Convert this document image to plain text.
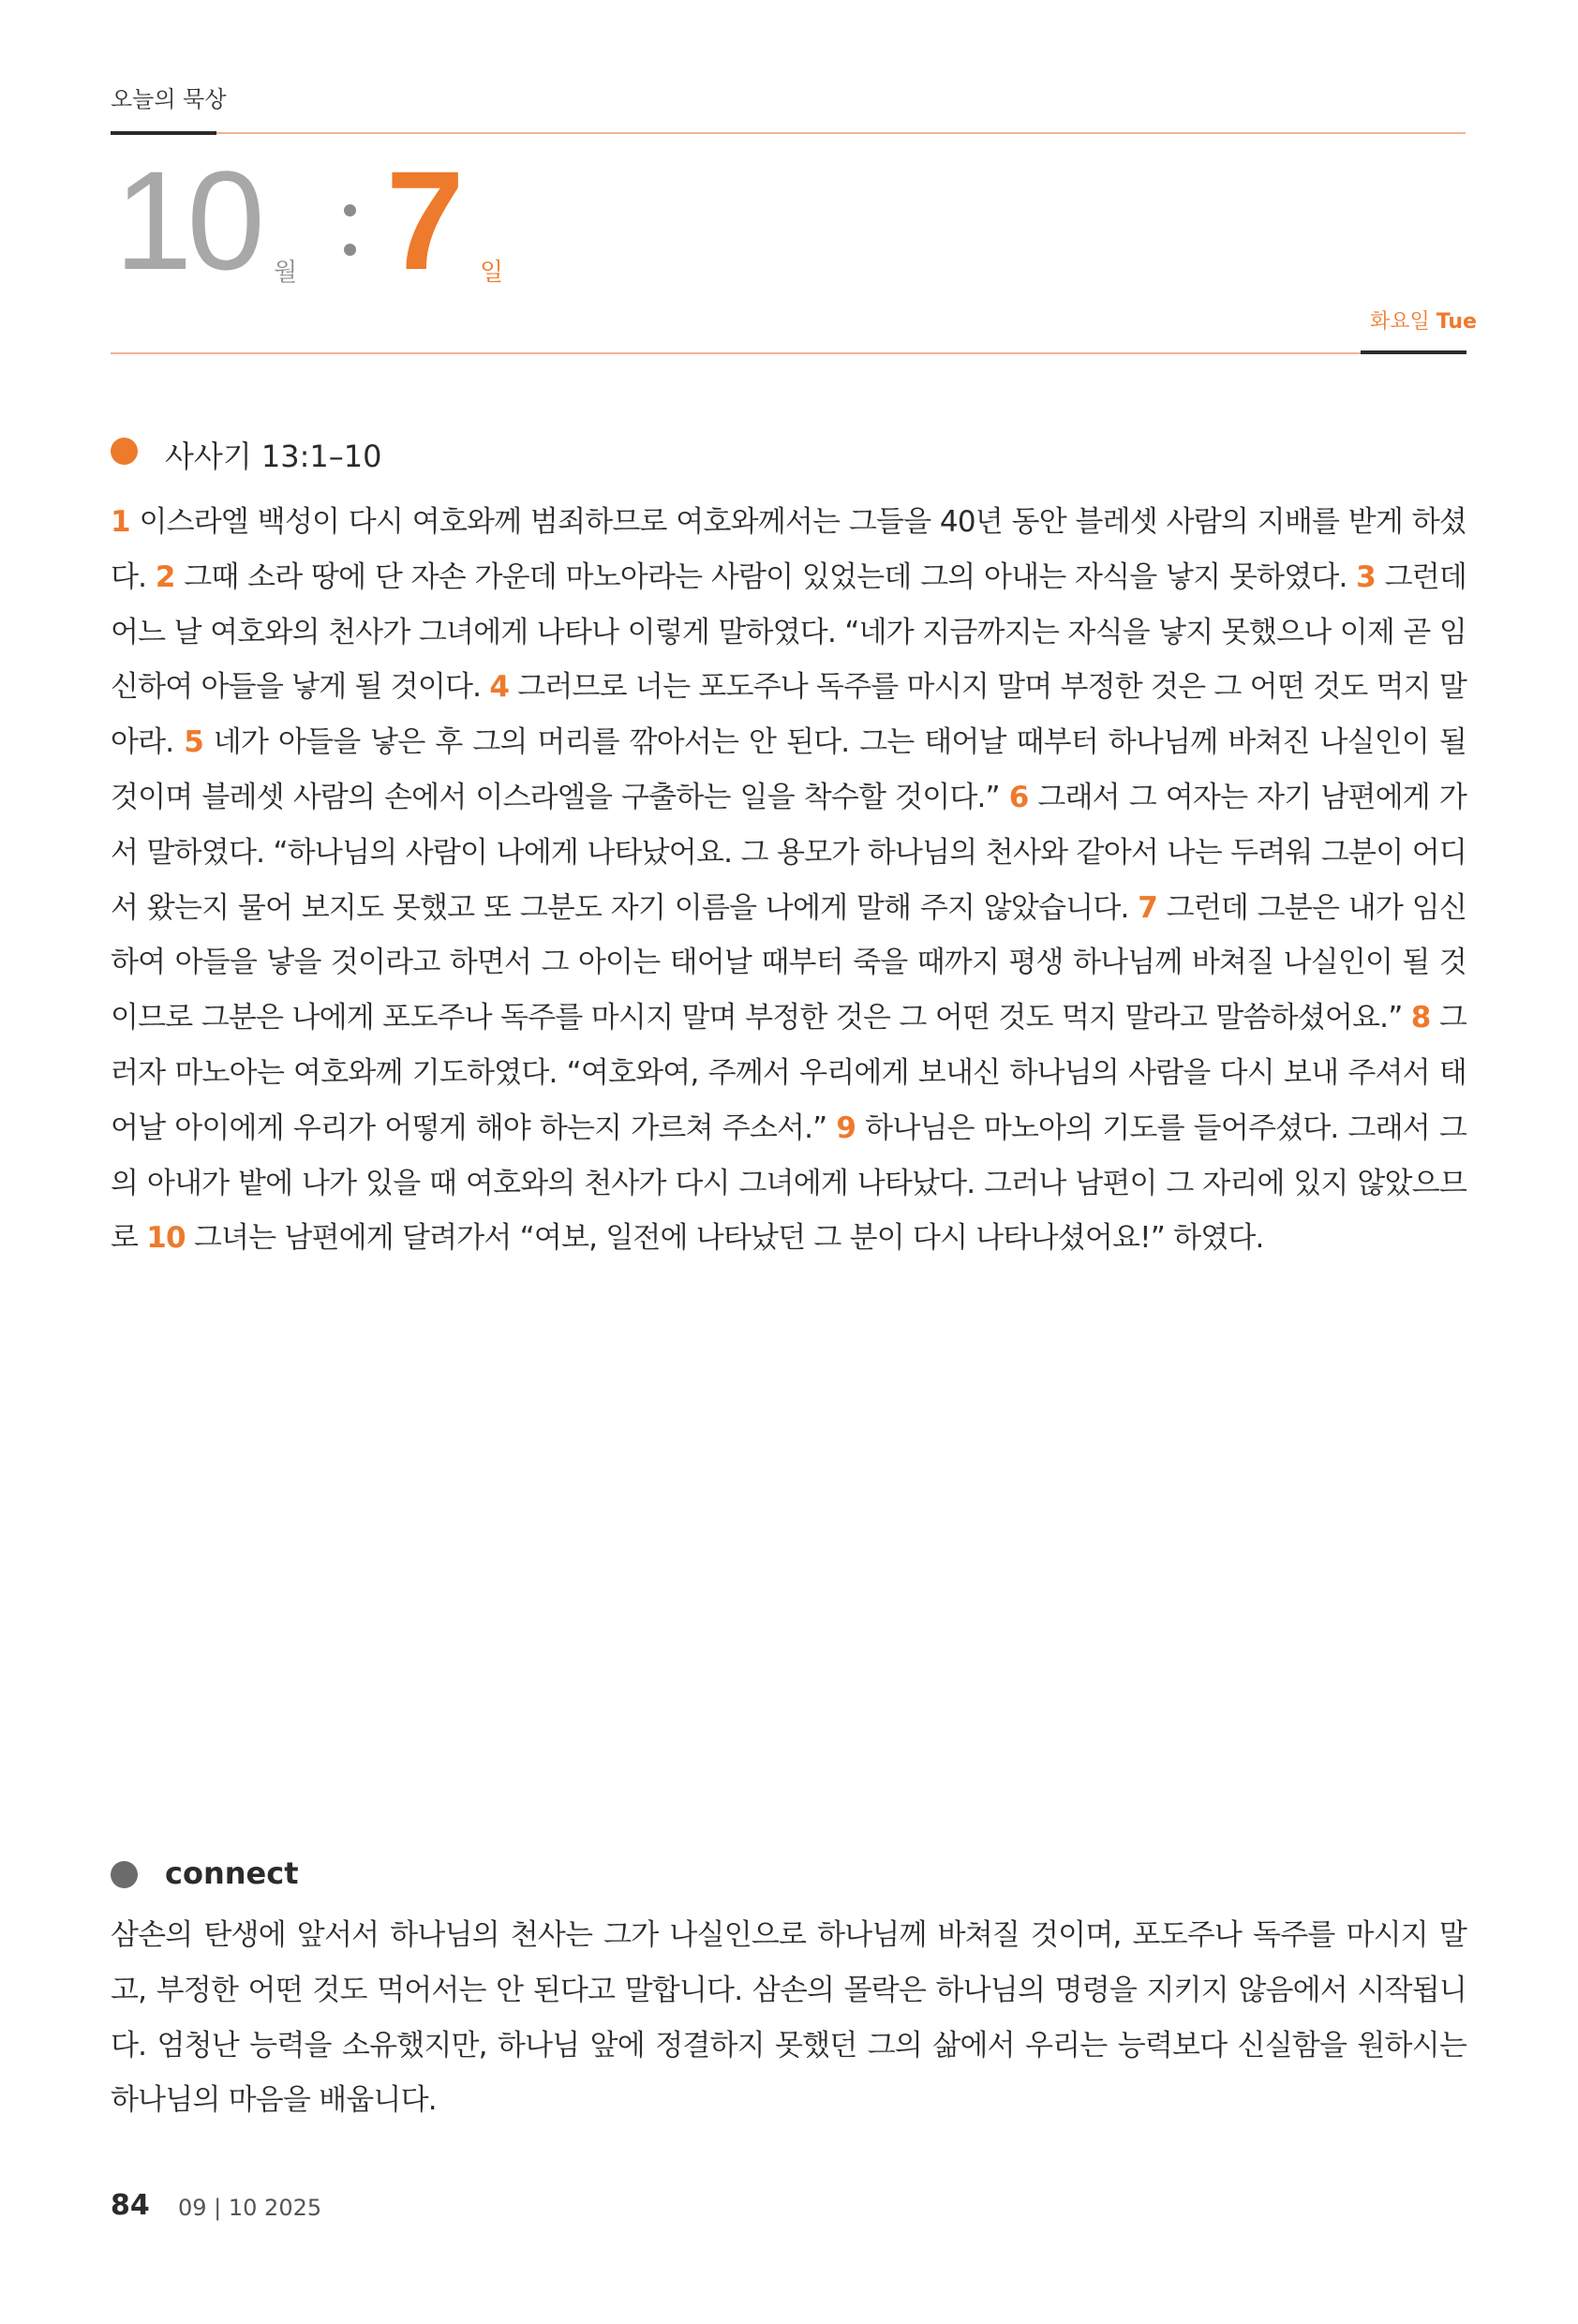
오늘의 묵상
10 월 7 일
화요일 Tue
사사기 13:1–10
1 이스라엘 백성이 다시 여호와께 범죄하므로 여호와께서는 그들을 40년 동안 블레셋 사람의 지배를 받게 하셨다. 2 그때 소라 땅에 단 자손 가운데 마노아라는 사람이 있었는데 그의 아내는 자식을 낳지 못하였다. 3 그런데 어느 날 여호와의 천사가 그녀에게 나타나 이렇게 말하였다. “네가 지금까지는 자식을 낳지 못했으나 이제 곧 임신하여 아들을 낳게 될 것이다. 4 그러므로 너는 포도주나 독주를 마시지 말며 부정한 것은 그 어떤 것도 먹지 말아라. 5 네가 아들을 낳은 후 그의 머리를 깎아서는 안 된다. 그는 태어날 때부터 하나님께 바쳐진 나실인이 될 것이며 블레셋 사람의 손에서 이스라엘을 구출하는 일을 착수할 것이다.” 6 그래서 그 여자는 자기 남편에게 가서 말하였다. “하나님의 사람이 나에게 나타났어요. 그 용모가 하나님의 천사와 같아서 나는 두려워 그분이 어디서 왔는지 물어 보지도 못했고 또 그분도 자기 이름을 나에게 말해 주지 않았습니다. 7 그런데 그분은 내가 임신하여 아들을 낳을 것이라고 하면서 그 아이는 태어날 때부터 죽을 때까지 평생 하나님께 바쳐질 나실인이 될 것이므로 그분은 나에게 포도주나 독주를 마시지 말며 부정한 것은 그 어떤 것도 먹지 말라고 말씀하셨어요.” 8 그러자 마노아는 여호와께 기도하였다. “여호와여, 주께서 우리에게 보내신 하나님의 사람을 다시 보내 주셔서 태어날 아이에게 우리가 어떻게 해야 하는지 가르쳐 주소서.” 9 하나님은 마노아의 기도를 들어주셨다. 그래서 그의 아내가 밭에 나가 있을 때 여호와의 천사가 다시 그녀에게 나타났다. 그러나 남편이 그 자리에 있지 않았으므로 10 그녀는 남편에게 달려가서 “여보, 일전에 나타났던 그 분이 다시 나타나셨어요!” 하였다.
connect
삼손의 탄생에 앞서서 하나님의 천사는 그가 나실인으로 하나님께 바쳐질 것이며, 포도주나 독주를 마시지 말고, 부정한 어떤 것도 먹어서는 안 된다고 말합니다. 삼손의 몰락은 하나님의 명령을 지키지 않음에서 시작됩니다. 엄청난 능력을 소유했지만, 하나님 앞에 정결하지 못했던 그의 삶에서 우리는 능력보다 신실함을 원하시는 하나님의 마음을 배웁니다.
84 09 | 10 2025
